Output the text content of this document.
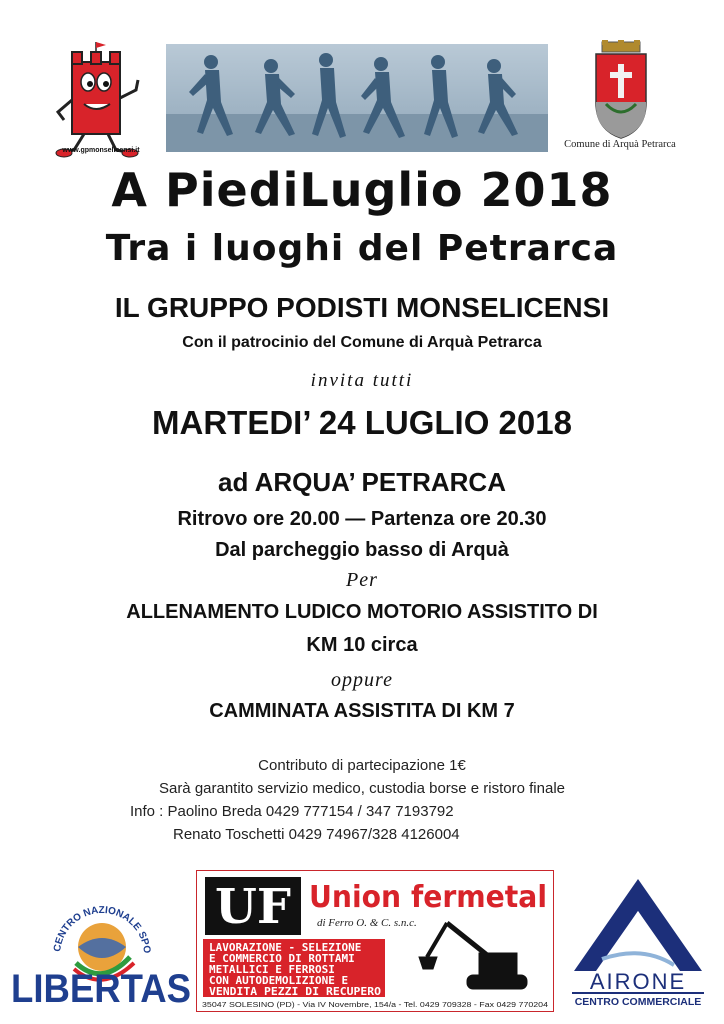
www.gpmonselicensi.it
Comune di Arquà Petrarca
A PiediLuglio 2018
Tra i luoghi del Petrarca
IL GRUPPO PODISTI MONSELICENSI
Con il patrocinio del Comune di Arquà Petrarca
invita tutti
MARTEDI’ 24 LUGLIO 2018
ad ARQUA’ PETRARCA
Ritrovo ore 20.00 — Partenza ore 20.30
Dal parcheggio basso di Arquà
Per
ALLENAMENTO LUDICO MOTORIO ASSISTITO DI
KM 10 circa
oppure
CAMMINATA ASSISTITA DI KM 7
Contributo di partecipazione 1€
Sarà garantito servizio medico, custodia borse e ristoro finale
Info : Paolino Breda 0429 777154 / 347 7193792
Renato Toschetti 0429 74967/328 4126004
CENTRO NAZIONALE SPO
LIBERTAS
UF Union fermetal
di Ferro O. & C. s.n.c.
LAVORAZIONE - SELEZIONE
E COMMERCIO DI ROTTAMI
METALLICI E FERROSI
CON AUTODEMOLIZIONE E
VENDITA PEZZI DI RECUPERO
35047 SOLESINO (PD) - Via IV Novembre, 154/a - Tel. 0429 709328 - Fax 0429 770204
AIRONE
CENTRO COMMERCIALE
